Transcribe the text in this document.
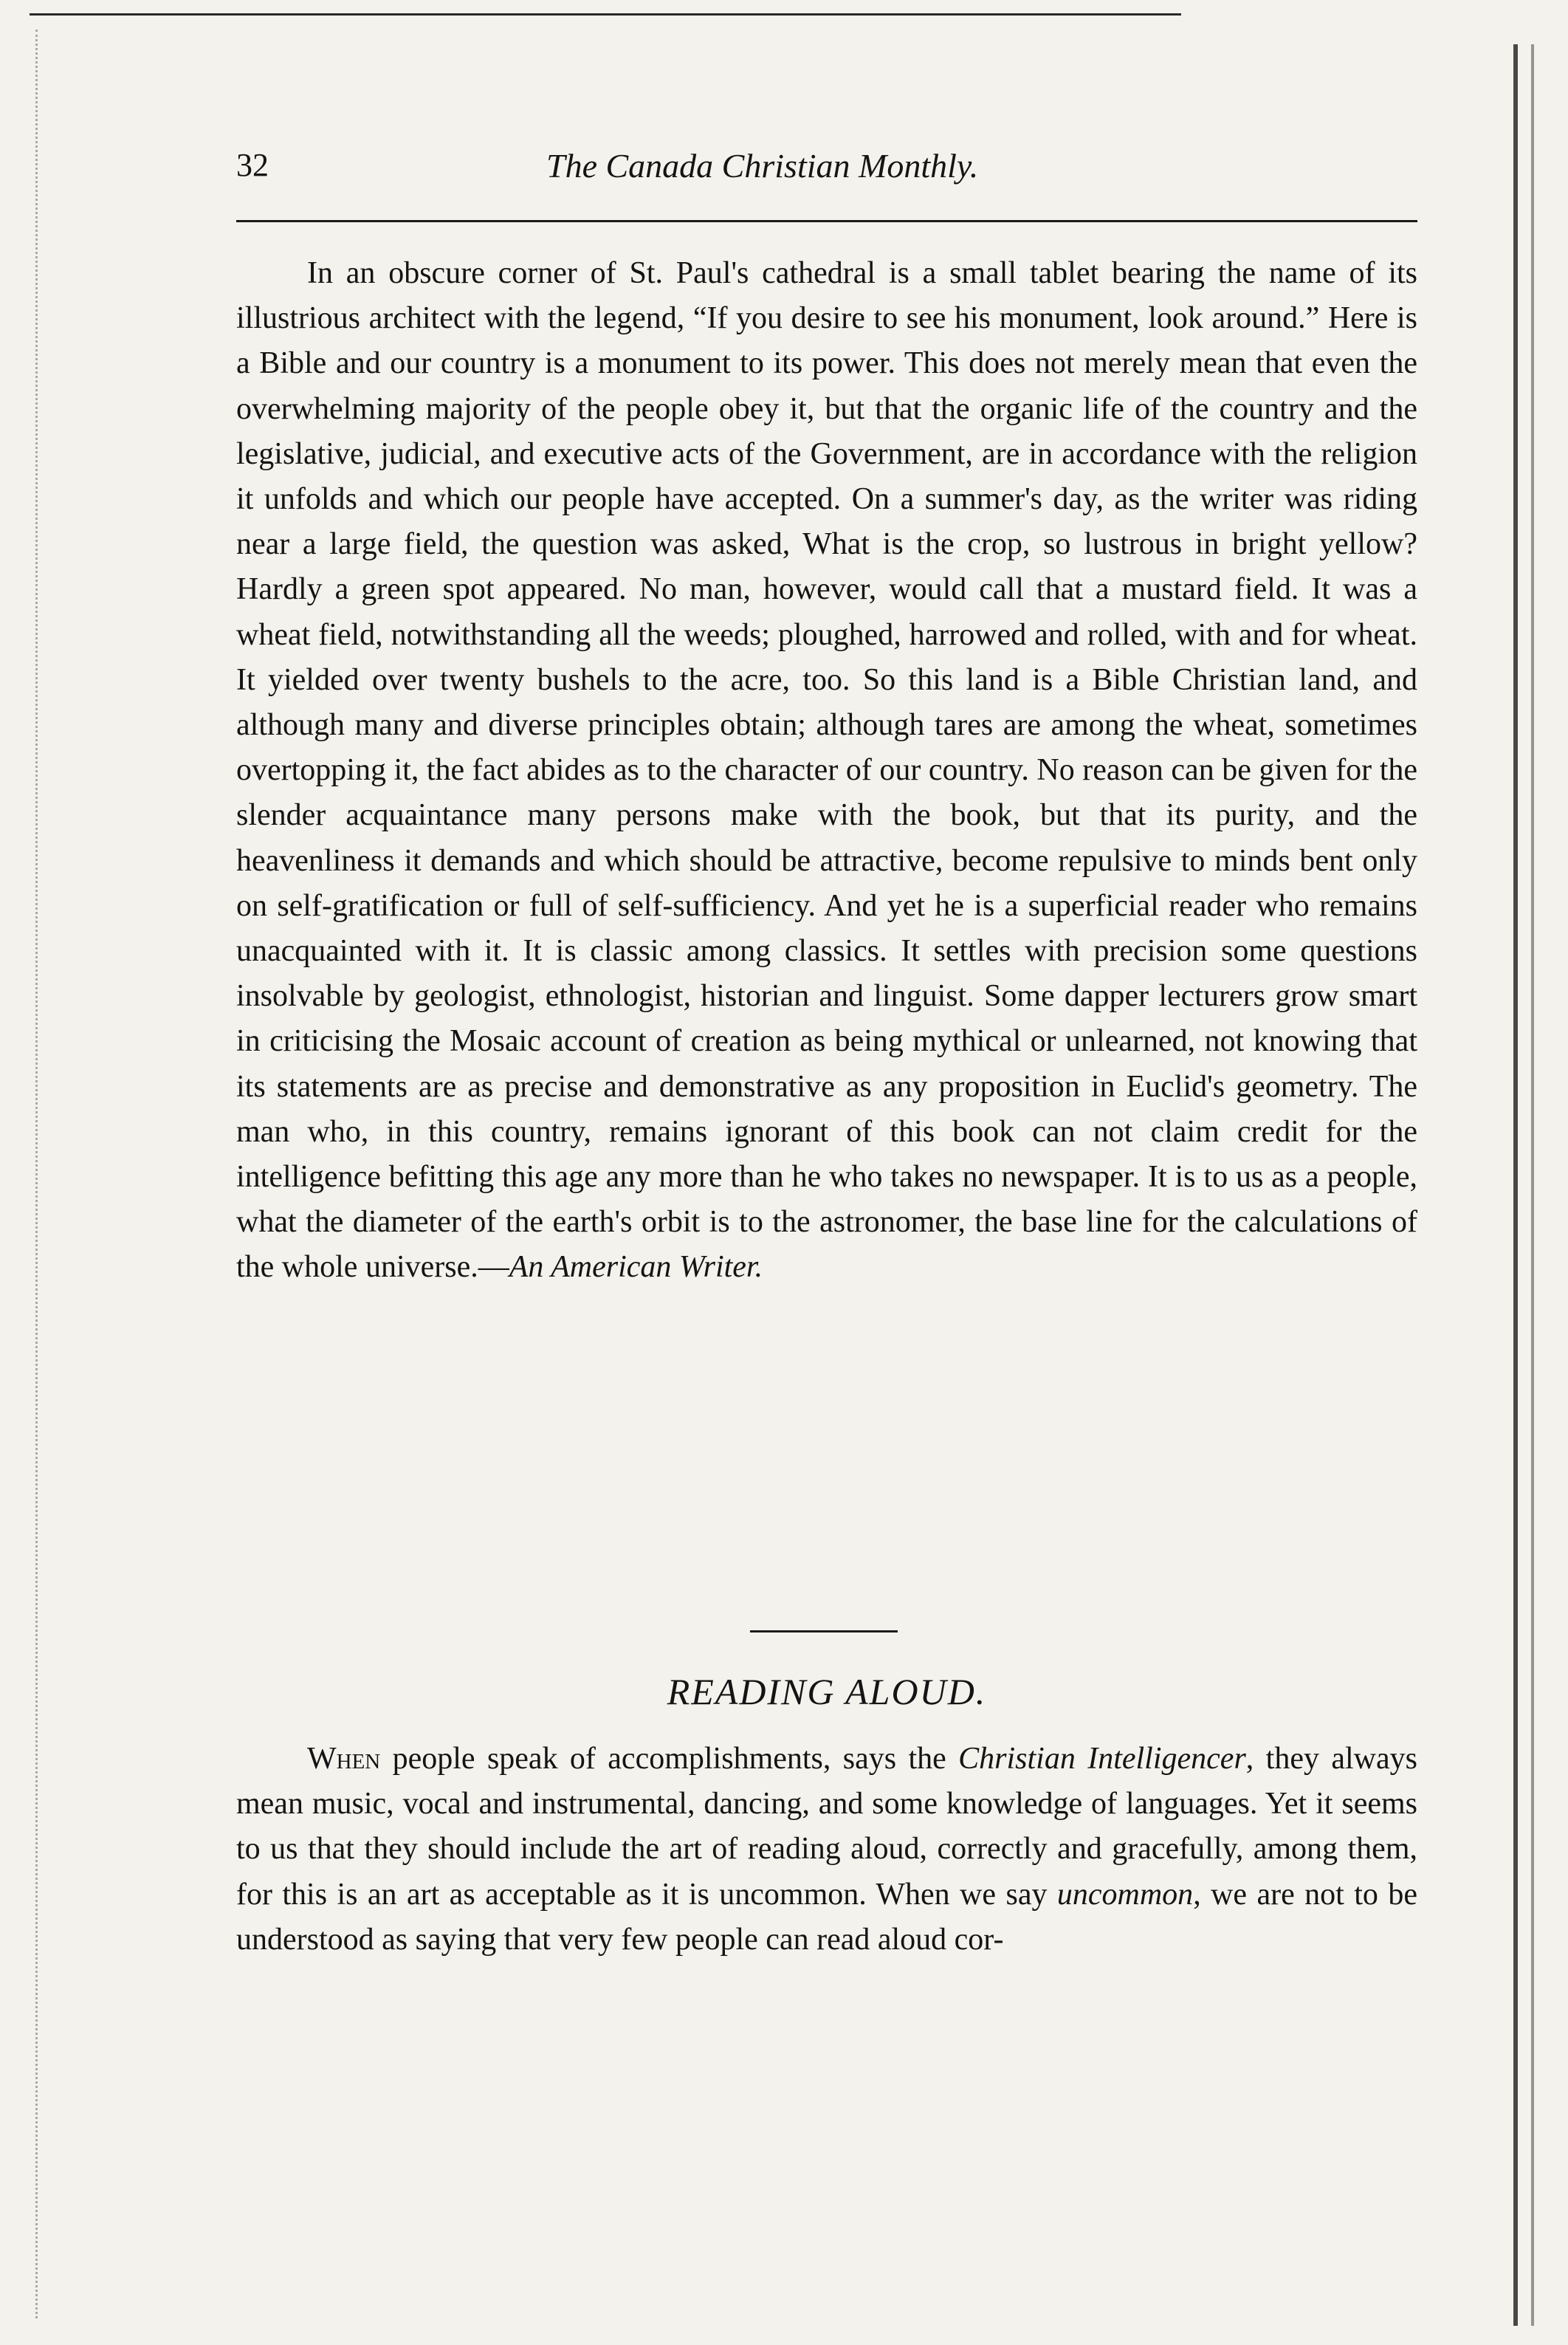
32	The Canada Christian Monthly.

In an obscure corner of St. Paul's cathedral is a small tablet bearing the name of its illustrious architect with the legend, “If you desire to see his monument, look around.” Here is a Bible and our country is a monument to its power. This does not merely mean that even the overwhelming majority of the people obey it, but that the organic life of the country and the legislative, judicial, and executive acts of the Government, are in accordance with the religion it unfolds and which our people have accepted. On a summer's day, as the writer was riding near a large field, the question was asked, What is the crop, so lustrous in bright yellow? Hardly a green spot appeared. No man, however, would call that a mustard field. It was a wheat field, notwithstanding all the weeds; ploughed, harrowed and rolled, with and for wheat. It yielded over twenty bushels to the acre, too. So this land is a Bible Christian land, and although many and diverse principles obtain; although tares are among the wheat, sometimes overtopping it, the fact abides as to the character of our country. No reason can be given for the slender acquaintance many persons make with the book, but that its purity, and the heavenliness it demands and which should be attractive, become repulsive to minds bent only on self-gratification or full of self-sufficiency. And yet he is a superficial reader who remains unacquainted with it. It is classic among classics. It settles with precision some questions insolvable by geologist, ethnologist, historian and linguist. Some dapper lecturers grow smart in criticising the Mosaic account of creation as being mythical or unlearned, not knowing that its statements are as precise and demonstrative as any proposition in Euclid's geometry. The man who, in this country, remains ignorant of this book can not claim credit for the intelligence befitting this age any more than he who takes no newspaper. It is to us as a people, what the diameter of the earth's orbit is to the astronomer, the base line for the calculations of the whole universe.—An American Writer.

READING ALOUD.

When people speak of accomplishments, says the Christian Intelligencer, they always mean music, vocal and instrumental, dancing, and some knowledge of languages. Yet it seems to us that they should include the art of reading aloud, correctly and gracefully, among them, for this is an art as acceptable as it is uncommon. When we say uncommon, we are not to be understood as saying that very few people can read aloud cor-
